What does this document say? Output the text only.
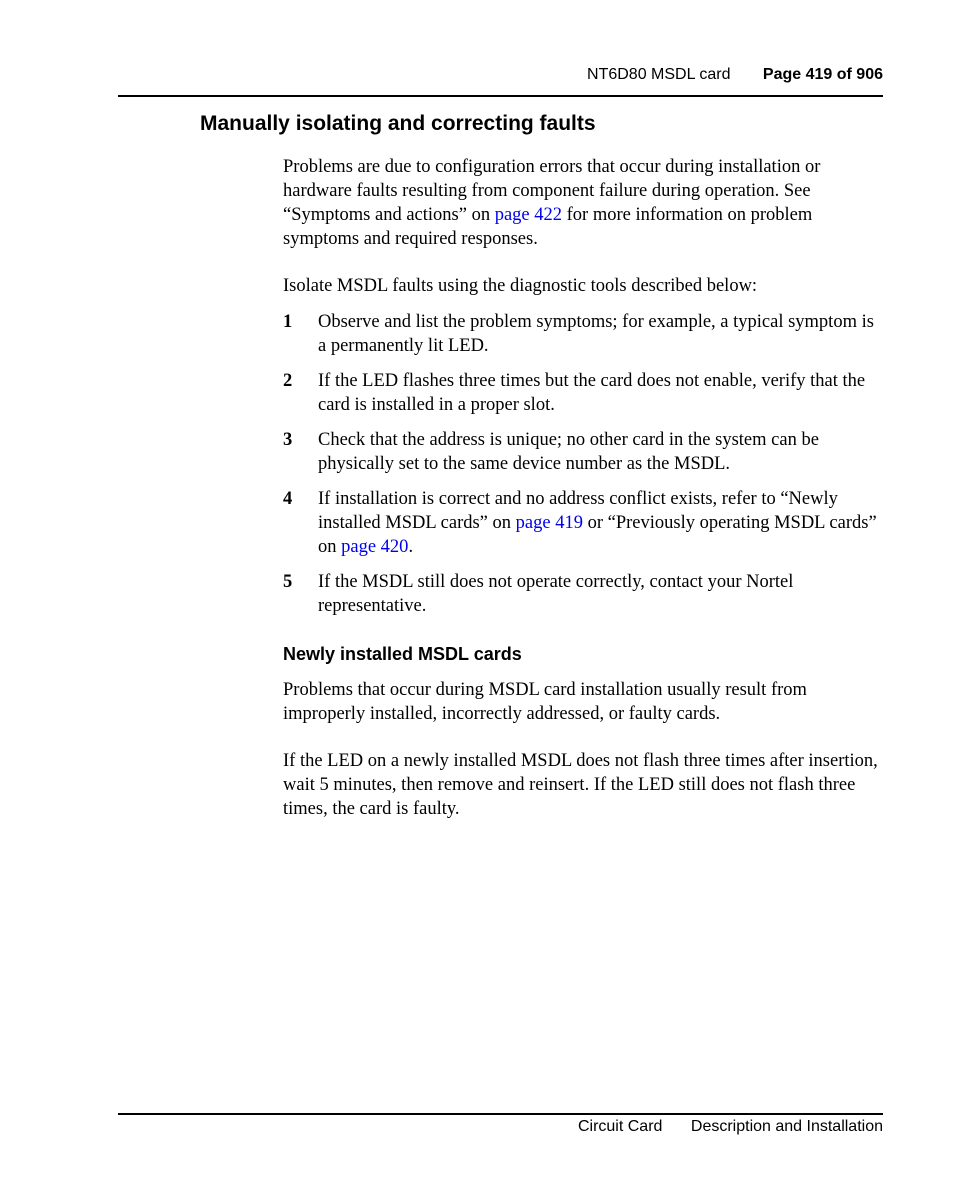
NT6D80 MSDL card Page 419 of 906
Manually isolating and correcting faults

Problems are due to configuration errors that occur during installation or hardware faults resulting from component failure during operation. See “Symptoms and actions” on page 422 for more information on problem symptoms and required responses.

Isolate MSDL faults using the diagnostic tools described below:

1 Observe and list the problem symptoms; for example, a typical symptom is a permanently lit LED.
2 If the LED flashes three times but the card does not enable, verify that the card is installed in a proper slot.
3 Check that the address is unique; no other card in the system can be physically set to the same device number as the MSDL.
4 If installation is correct and no address conflict exists, refer to “Newly installed MSDL cards” on page 419 or “Previously operating MSDL cards” on page 420.
5 If the MSDL still does not operate correctly, contact your Nortel representative.
Newly installed MSDL cards

Problems that occur during MSDL card installation usually result from improperly installed, incorrectly addressed, or faulty cards.

If the LED on a newly installed MSDL does not flash three times after insertion, wait 5 minutes, then remove and reinsert. If the LED still does not flash three times, the card is faulty.

Circuit Card Description and Installation
